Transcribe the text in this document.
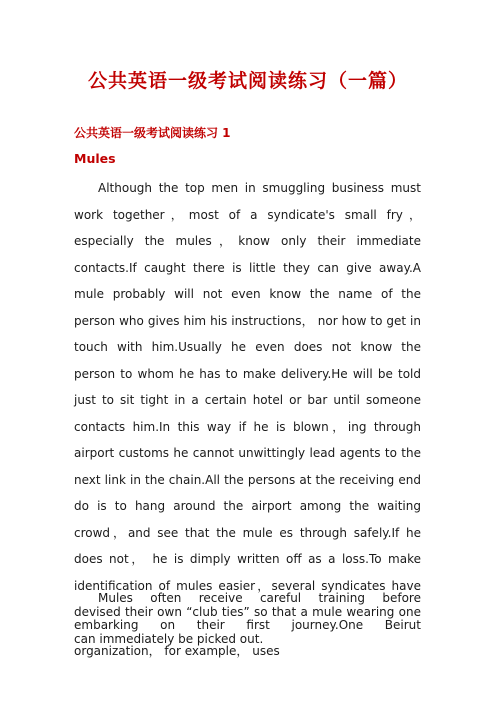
公共英语一级考试阅读练习（一篇）
公共英语一级考试阅读练习 1
Mules

Although the top men in smuggling business must work together，most of a syndicate's small fry，especially the mules，know only their immediate contacts.If caught there is little they can give away.A mule probably will not even know the name of the person who gives him his instructions， nor how to get in touch with him.Usually he even does not know the person to whom he has to make delivery.He will be told just to sit tight in a certain hotel or bar until someone contacts him.In this way if he is blown，ing through airport customs he cannot unwittingly lead agents to the next link in the chain.All the persons at the receiving end do is to hang around the airport among the waiting crowd，and see that the mule es through safely.If he does not， he is dimply written off as a loss.To make identification of mules easier，several syndicates have devised their own “club ties” so that a mule wearing one can immediately be picked out.

Mules often receive careful training before embarking on their first journey.One Beirut organization， for example， uses
